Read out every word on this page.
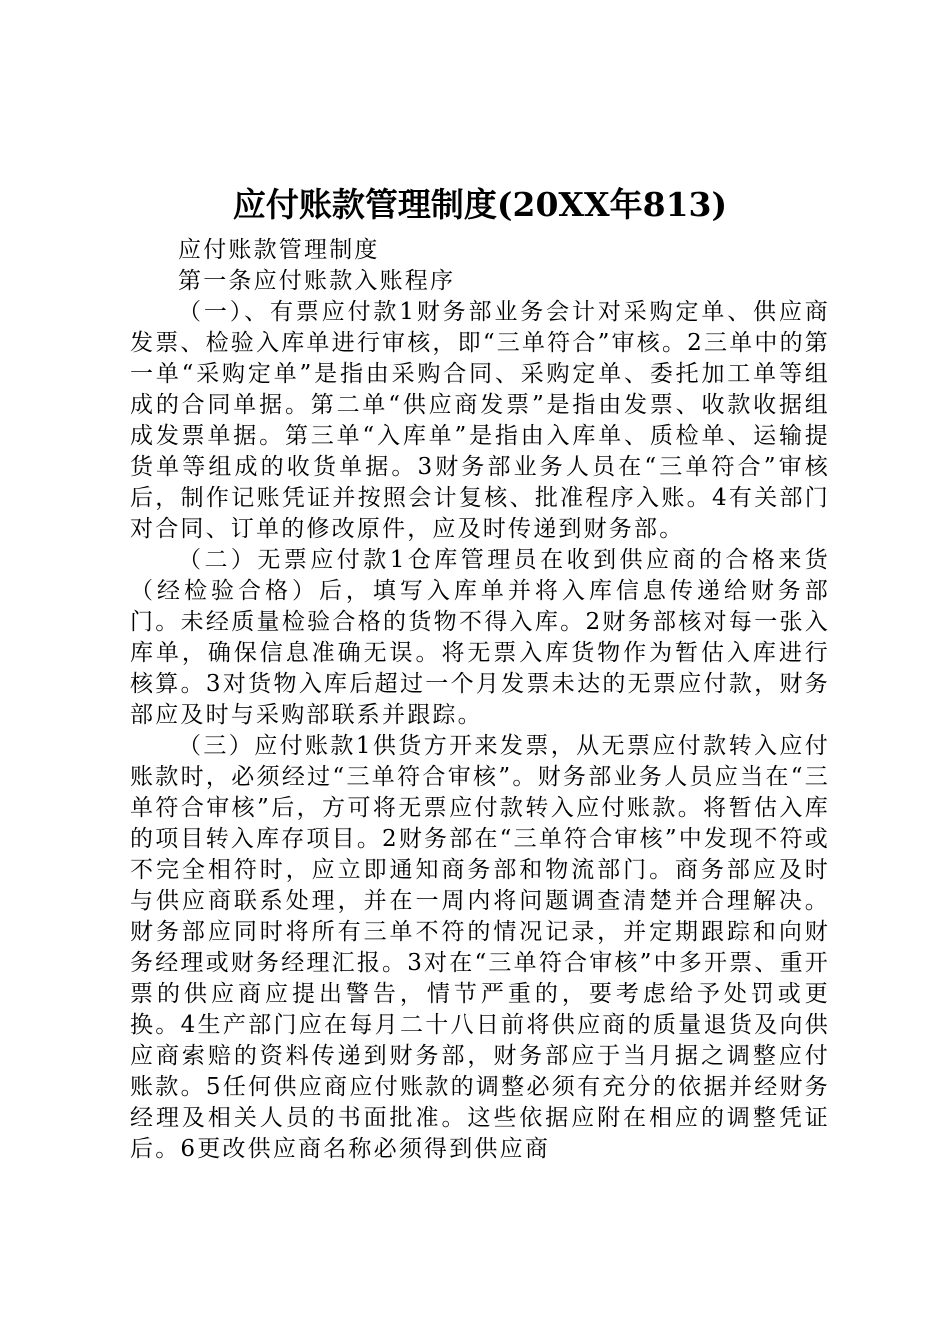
应付账款管理制度(20XX年813)

应付账款管理制度

第一条应付账款入账程序

（一）、有票应付款1财务部业务会计对采购定单、供应商发票、检验入库单进行审核，即“三单符合”审核。2三单中的第一单“采购定单”是指由采购合同、采购定单、委托加工单等组成的合同单据。第二单“供应商发票”是指由发票、收款收据组成发票单据。第三单“入库单”是指由入库单、质检单、运输提货单等组成的收货单据。3财务部业务人员在“三单符合”审核后，制作记账凭证并按照会计复核、批准程序入账。4有关部门对合同、订单的修改原件，应及时传递到财务部。

（二）无票应付款1仓库管理员在收到供应商的合格来货（经检验合格）后，填写入库单并将入库信息传递给财务部门。未经质量检验合格的货物不得入库。2财务部核对每一张入库单，确保信息准确无误。将无票入库货物作为暂估入库进行核算。3对货物入库后超过一个月发票未达的无票应付款，财务部应及时与采购部联系并跟踪。

（三）应付账款1供货方开来发票，从无票应付款转入应付账款时，必须经过“三单符合审核”。财务部业务人员应当在“三单符合审核”后，方可将无票应付款转入应付账款。将暂估入库的项目转入库存项目。2财务部在“三单符合审核”中发现不符或不完全相符时，应立即通知商务部和物流部门。商务部应及时与供应商联系处理，并在一周内将问题调查清楚并合理解决。财务部应同时将所有三单不符的情况记录，并定期跟踪和向财务经理或财务经理汇报。3对在“三单符合审核”中多开票、重开票的供应商应提出警告，情节严重的，要考虑给予处罚或更换。4生产部门应在每月二十八日前将供应商的质量退货及向供应商索赔的资料传递到财务部，财务部应于当月据之调整应付账款。5任何供应商应付账款的调整必须有充分的依据并经财务经理及相关人员的书面批准。这些依据应附在相应的调整凭证后。6更改供应商名称必须得到供应商
